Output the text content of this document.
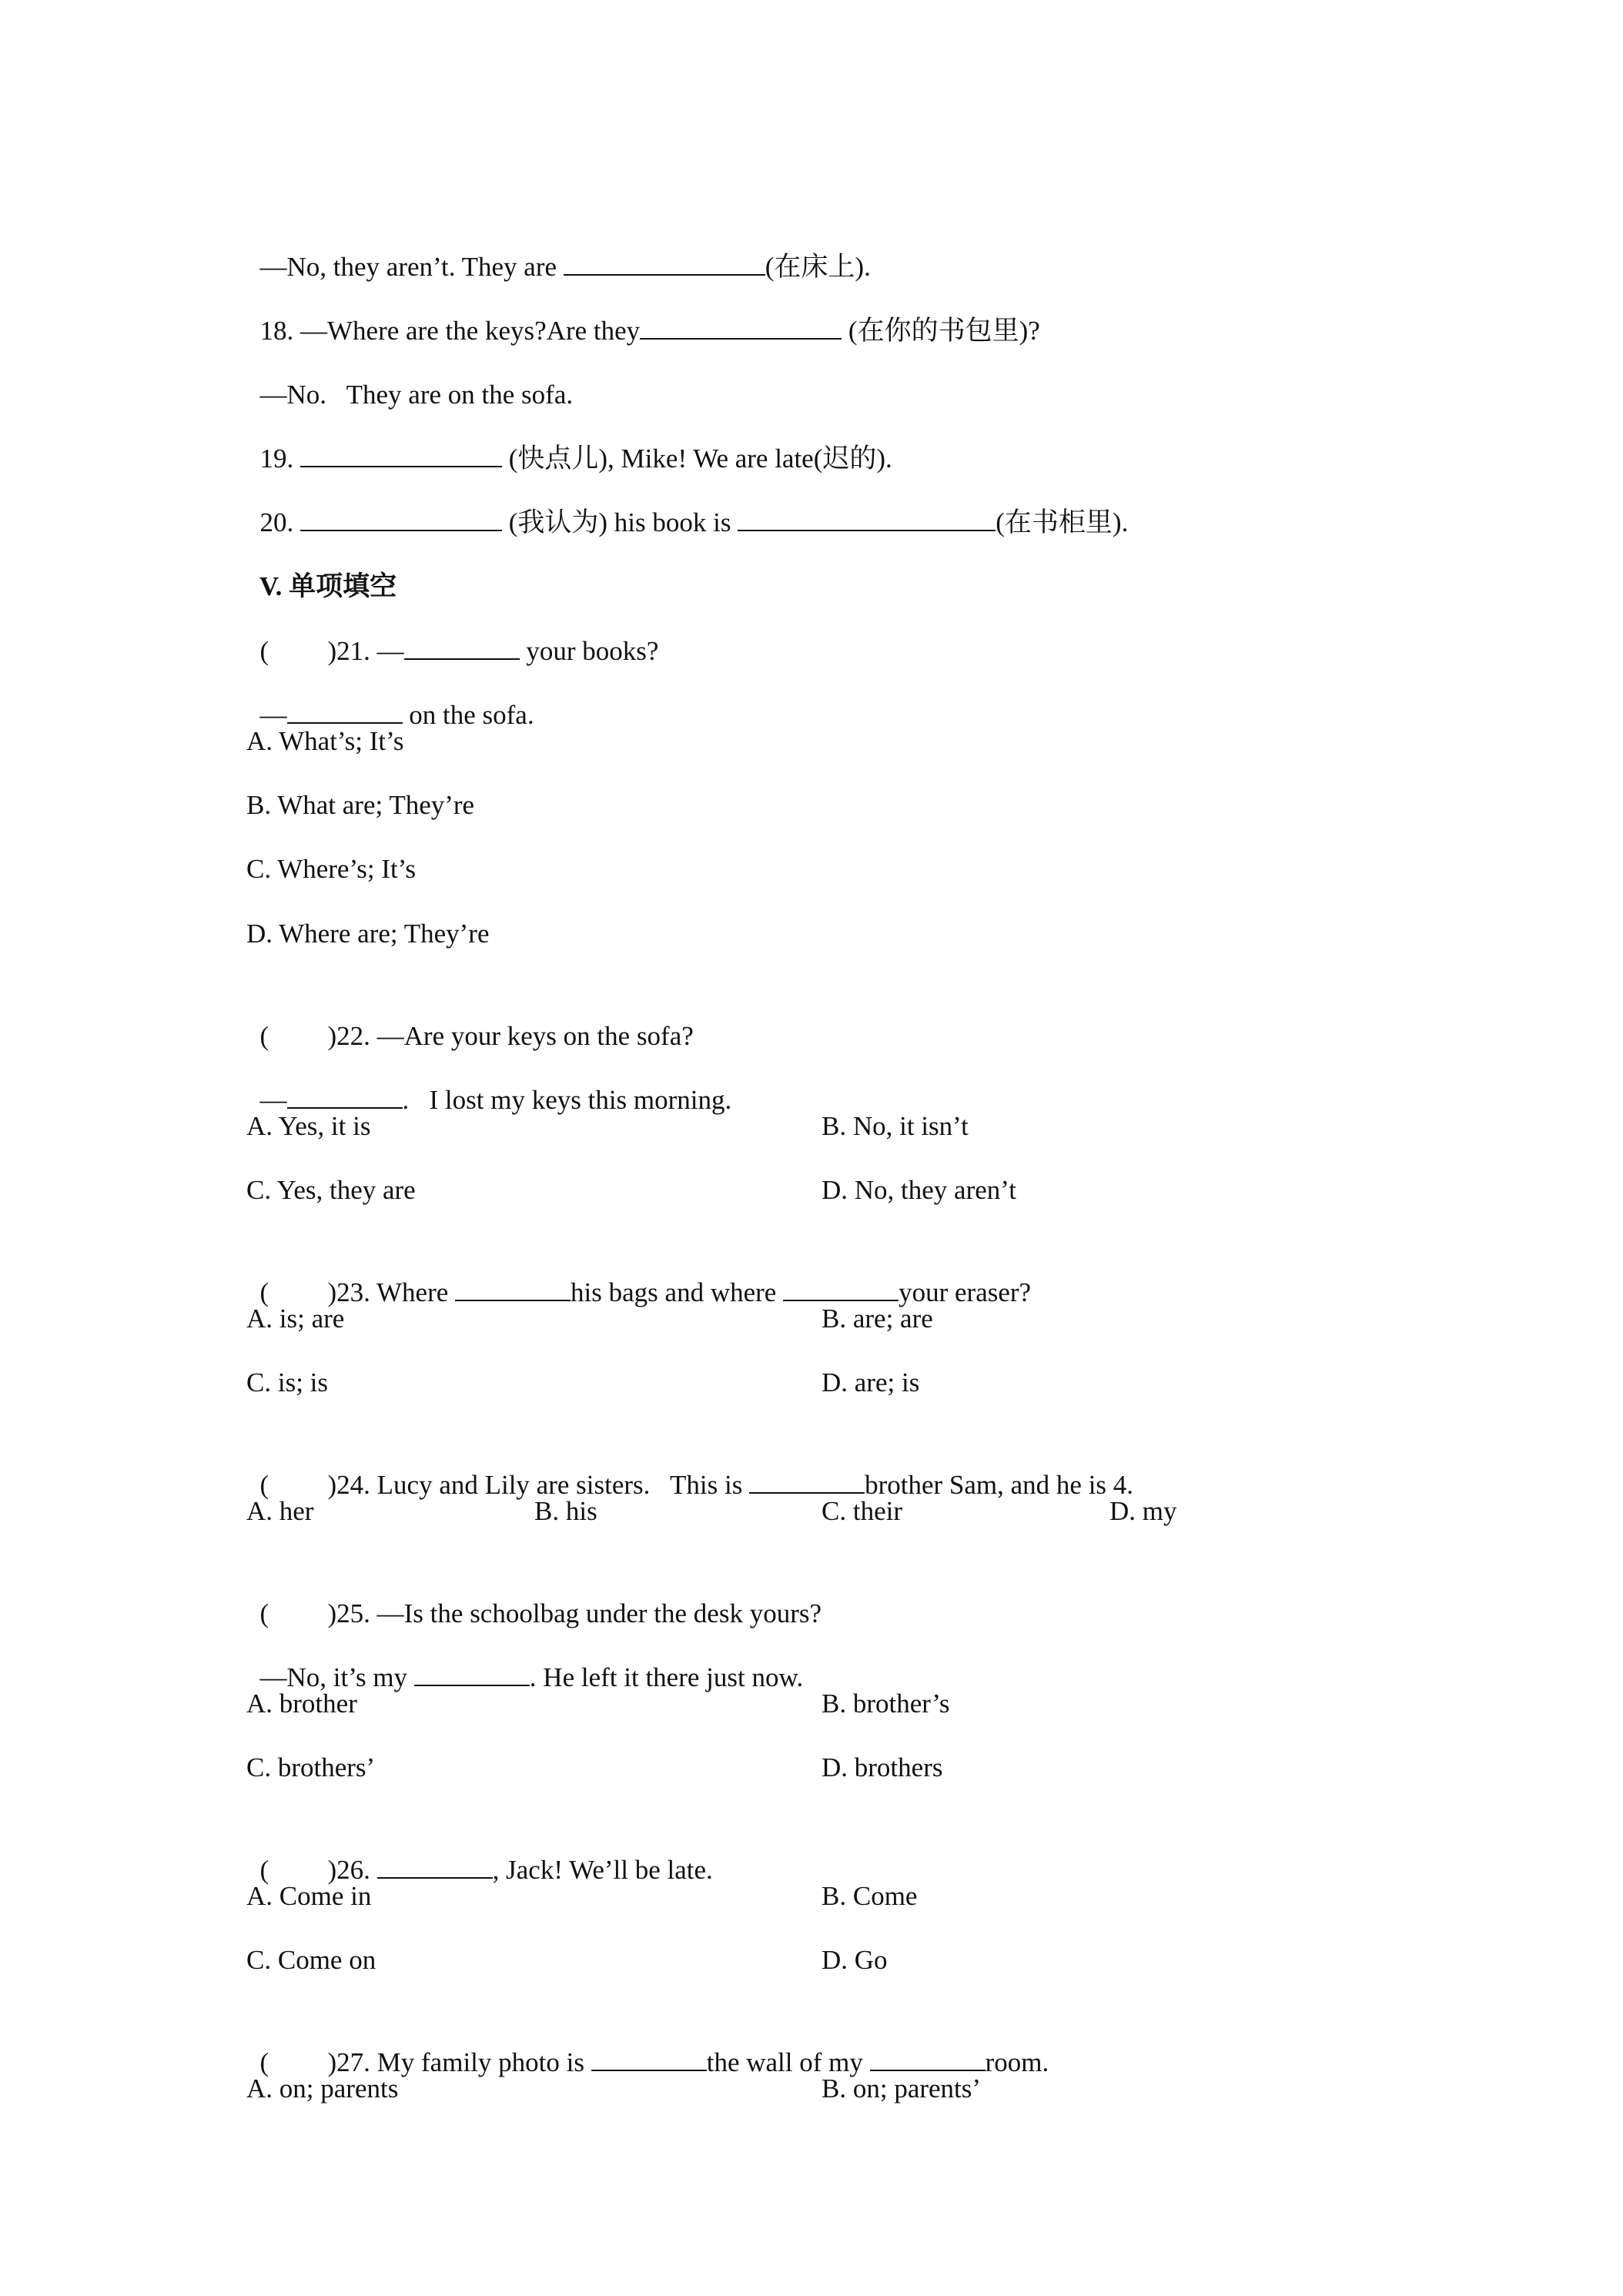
—No, they aren’t. They are	(在床上).

18. —Where are the keys?Are they	(在你的书包里)?

—No.   They are on the sofa.

19.	(快点儿), Mike! We are late(迟的).

20.	(我认为) his book is	(在书柜里).

V. 单项填空

( )21. —	your books?

—	on the sofa.

A. What’s; It’s
B. What are; They’re
C. Where’s; It’s
D. Where are; They’re

( )22. —Are your keys on the sofa?

—	.   I lost my keys this morning.

A. Yes, it is	B. No, it isn’t
C. Yes, they are	D. No, they aren’t

( )23. Where	his bags and where	your eraser?

A. is; are	B. are; are
C. is; is	D. are; is

( )24. Lucy and Lily are sisters.   This is	brother Sam, and he is 4.

A. her	B. his	C. their	D. my

( )25. —Is the schoolbag under the desk yours?

—No, it’s my	. He left it there just now.

A. brother	B. brother’s
C. brothers’	D. brothers

( )26.	, Jack! We’ll be late.

A. Come in	B. Come
C. Come on	D. Go

( )27. My family photo is	the wall of my	room.

A. on; parents	B. on; parents’
